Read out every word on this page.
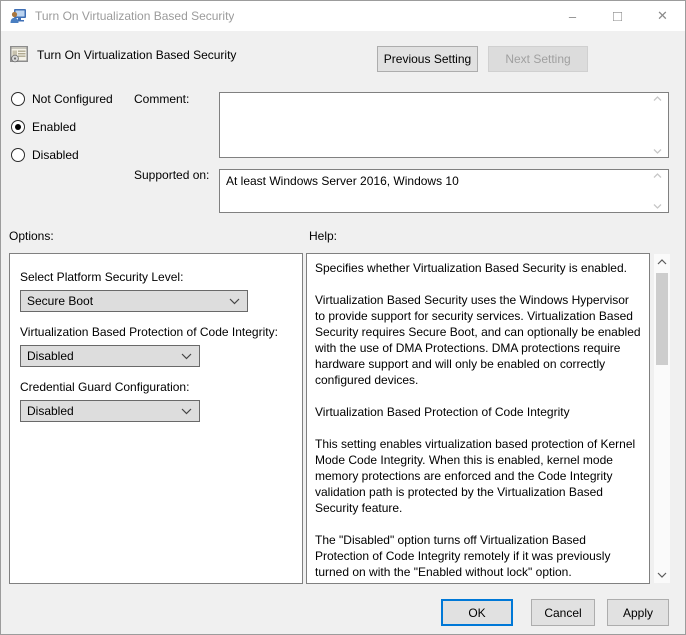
Turn On Virtualization Based Security	–	□	✕
Turn On Virtualization Based Security	Previous Setting	Next Setting
Not Configured
Enabled
Disabled
Comment:
Supported on:	At least Windows Server 2016, Windows 10
Options:	Help:
Select Platform Security Level:
Secure Boot
Virtualization Based Protection of Code Integrity:
Disabled
Credential Guard Configuration:
Disabled

Specifies whether Virtualization Based Security is enabled.

Virtualization Based Security uses the Windows Hypervisor to provide support for security services. Virtualization Based Security requires Secure Boot, and can optionally be enabled with the use of DMA Protections. DMA protections require hardware support and will only be enabled on correctly configured devices.

Virtualization Based Protection of Code Integrity

This setting enables virtualization based protection of Kernel Mode Code Integrity. When this is enabled, kernel mode memory protections are enforced and the Code Integrity validation path is protected by the Virtualization Based Security feature.

The "Disabled" option turns off Virtualization Based Protection of Code Integrity remotely if it was previously turned on with the "Enabled without lock" option.

OK	Cancel	Apply
